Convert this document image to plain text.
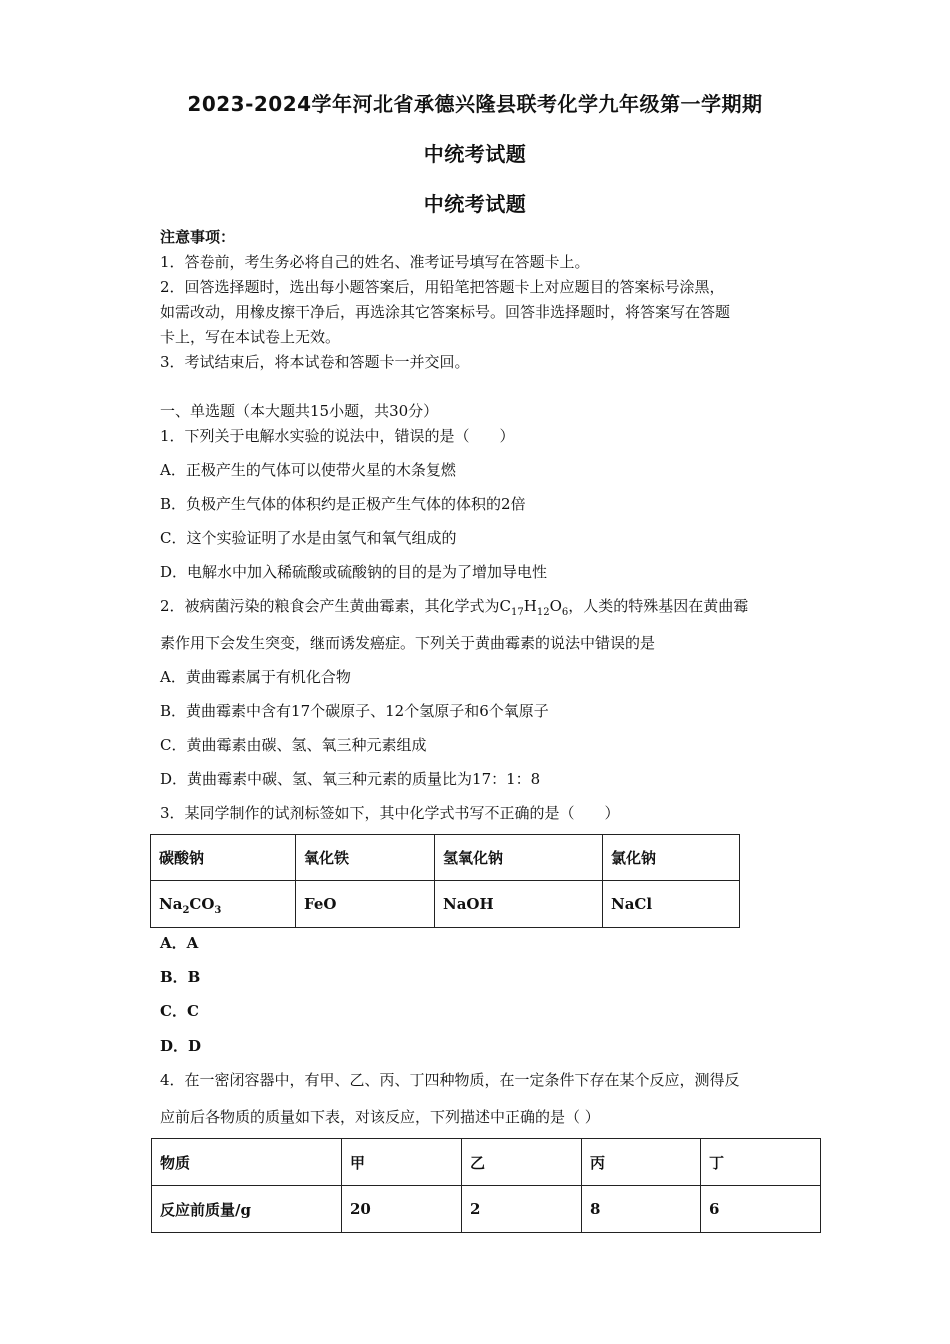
2023-2024学年河北省承德兴隆县联考化学九年级第一学期期
中统考试题
中统考试题
注意事项：
1．答卷前，考生务必将自己的姓名、准考证号填写在答题卡上。
2．回答选择题时，选出每小题答案后，用铅笔把答题卡上对应题目的答案标号涂黑，
如需改动，用橡皮擦干净后，再选涂其它答案标号。回答非选择题时，将答案写在答题
卡上，写在本试卷上无效。
3．考试结束后，将本试卷和答题卡一并交回。
一、单选题（本大题共15小题，共30分）
1．下列关于电解水实验的说法中，错误的是（　　）
A．正极产生的气体可以使带火星的木条复燃
B．负极产生气体的体积约是正极产生气体的体积的2倍
C．这个实验证明了水是由氢气和氧气组成的
D．电解水中加入稀硫酸或硫酸钠的目的是为了增加导电性
2．被病菌污染的粮食会产生黄曲霉素，其化学式为$C_{17}H_{12}O_6$，人类的特殊基因在黄曲霉
素作用下会发生突变，继而诱发癌症。下列关于黄曲霉素的说法中错误的是
A．黄曲霉素属于有机化合物
B．黄曲霉素中含有17个碳原子、12个氢原子和6个氧原子
C．黄曲霉素由碳、氢、氧三种元素组成
D．黄曲霉素中碳、氢、氧三种元素的质量比为17：1：8
3．某同学制作的试剂标签如下，其中化学式书写不正确的是（　　）
碳酸钠	氧化铁	氢氧化钠	氯化钠
$Na_2CO_3$	FeO	NaOH	NaCl
A．A
B．B
C．C
D．D
4．在一密闭容器中，有甲、乙、丙、丁四种物质，在一定条件下存在某个反应，测得反
应前后各物质的质量如下表，对该反应，下列描述中正确的是（ ）
物质	甲	乙	丙	丁
反应前质量/g	20	2	8	6
